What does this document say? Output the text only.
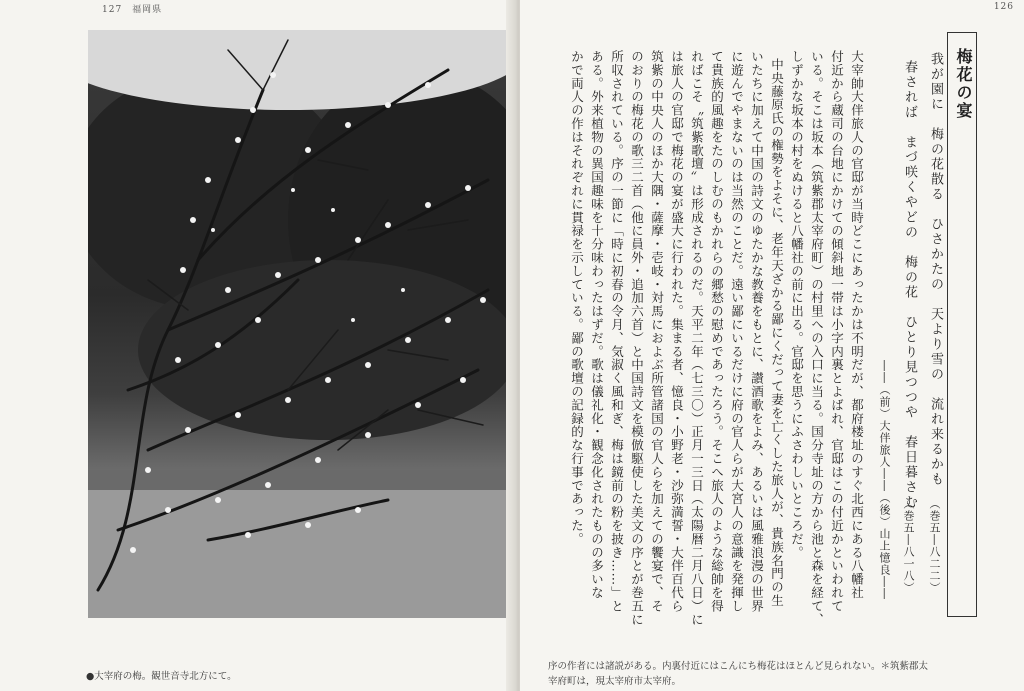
127　福岡県
●大宰府の梅。観世音寺北方にて。
126
梅花の宴
我が園に　梅の花散る　ひさかたの　天より雪の　流れ来るかも
（巻五―八二二）
春されば　まづ咲くやどの　梅の花　ひとり見つつや　春日暮さむ
（巻五―八一八）
――（前）大伴旅人――（後）山上憶良――
大宰帥大伴旅人の官邸が当時どこにあったかは不明だが、都府楼址のすぐ北西にある八幡社
付近から蔵司の台地にかけての傾斜地一帯は小字内裏とよばれ、官邸はこの付近かといわれて
いる。そこは坂本（筑紫郡太宰府町）の村里への入口に当る。国分寺址の方から池と森を経て、
しずかな坂本の村をぬけると八幡社の前に出る。官邸を思うにふさわしいところだ。
中央藤原氏の権勢をよそに、老年天ざかる鄙にくだって妻を亡くした旅人が、貴族名門の生
いたちに加えて中国の詩文のゆたかな教養をもとに、讃酒歌をよみ、あるいは風雅浪漫の世界
に遊んでやまないのは当然のことだ。遠い鄙にいるだけに府の官人らが大宮人の意識を発揮し
て貴族的風趣をたのしむのもかれらの郷愁の慰めであったろう。そこへ旅人のような総帥を得
ればこそ〝筑紫歌壇〟は形成されるのだ。天平二年（七三〇）正月一三日（太陽暦二月八日）に
は旅人の官邸で梅花の宴が盛大に行われた。集まる者、憶良・小野老・沙弥満誓・大伴百代ら
筑紫の中央人のほか大隅・薩摩・壱岐・対馬におよぶ所管諸国の官人らを加えての饗宴で、そ
のおりの梅花の歌三二首（他に員外・追加六首）と中国詩文を模倣駆使した美文の序とが巻五に
所収されている。序の一節に「時に初春の令月、気淑く風和ぎ、梅は鏡前の粉を披き……」と
ある。外来植物の異国趣味を十分味わったはずだ。歌は儀礼化・観念化されたものの多いな
かで両人の作はそれぞれに貫禄を示している。鄙の歌壇の記録的な行事であった。
序の作者には諸説がある。内裏付近にはこんにち梅花はほとんど見られない。＊筑紫郡太
宰府町は，現太宰府市太宰府。
